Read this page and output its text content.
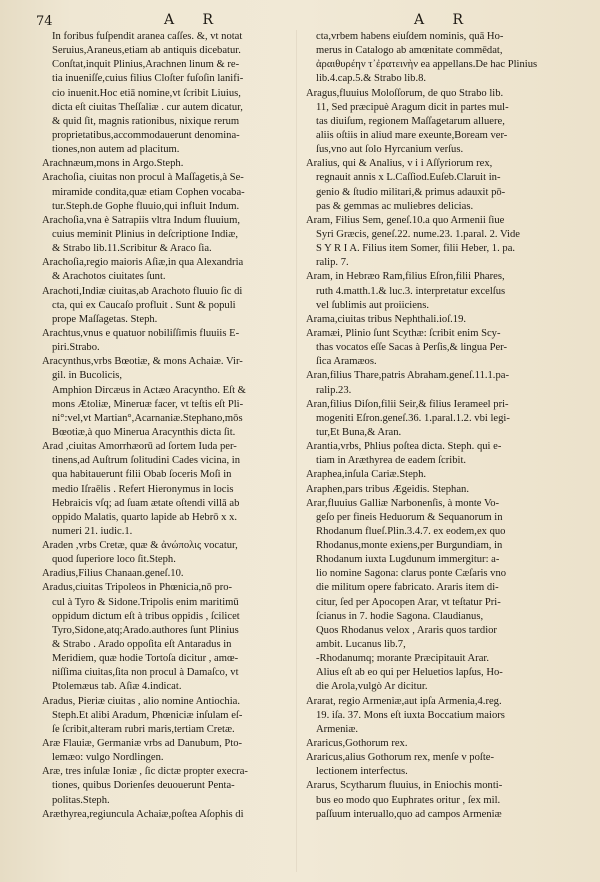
74	A R	A R
In foribus fuſpendit aranea caſſes. &, vt notat
Seruius,Araneus,etiam ab antiquis dicebatur.
Conſtat,inquit Plinius,Arachnen linum & re-
tia inueniſſe,cuius filius Cloſter fuſoſin lanifi-
cio inuenit.Hoc etiā nomine,vt ſcribit Liuius,
dicta eſt ciuitas Theſſaliæ . cur autem dicatur,
& quid ſit, magnis rationibus, nixique rerum
proprietatibus,accommodauerunt denomina-
tiones,non autem ad placitum.
Arachnæum,mons in Argo.Steph.
Arachoſia, ciuitas non procul à Maſſagetis,à Se-
miramide condita,quæ etiam Cophen vocaba-
tur.Steph.de Gophe fluuio,qui influit Indum.
Arachoſia,vna è Satrapiis vltra Indum fluuium,
cuius meminit Plinius in deſcriptione Indiæ,
& Strabo lib.11.Scribitur & Araco ſia.
Arachoſia,regio maioris Aſiæ,in qua Alexandria
& Arachotos ciuitates ſunt.
Arachoti,Indiæ ciuitas,ab Arachoto fluuio ſic di
cta, qui ex Caucaſo profluit . Sunt & populi
prope Maſſagetas. Steph.
Arachtus,vnus e quatuor nobiliſſimis fluuiis E-
piri.Strabo.
Aracynthus,vrbs Bœotiæ, & mons Achaiæ. Vir-
gil. in Bucolicis,
Amphion Dircæus in Actæo Aracyntho. Eſt &
mons Ætoliæ, Mineruæ facer, vt teſtis eſt Pli-
ni°:vel,vt Martian°,Acarnaniæ.Stephano,mōs
Bœotiæ,à quo Minerua Aracynthis dicta ſit.
Arad ,ciuitas Amorrhæorū ad ſortem Iuda per-
tinens,ad Auſtrum ſolitudini Cades vicina, in
qua habitauerunt filii Obab ſoceris Moſi in
medio Iſraēlis . Refert Hieronymus in locis
Hebraicis vſq; ad ſuam ætate oſtendi villā ab
oppido Malatis, quarto lapide ab Hebrō x x.
numeri 21. iudic.1.
Araden ,vrbs Cretæ, quæ & ἀνώπολις vocatur,
quod ſuperiore loco ſit.Steph.
Aradius,Filius Chanaan.geneſ.10.
Aradus,ciuitas Tripoleos in Phœnicia,nō pro-
cul à Tyro & Sidone.Tripolis enim maritimū
oppidum dictum eſt à tribus oppidis , ſcilicet
Tyro,Sidone,atq;Arado.authores ſunt Plinius
& Strabo . Arado oppoſita eſt Antaradus in
Meridiem, quæ hodie Tortoſa dicitur , amœ-
niſſima ciuitas,ſita non procul à Damaſco, vt
Ptolemæus tab. Aſiæ 4.indicat.
Aradus, Pieriæ ciuitas , alio nomine Antiochia.
Steph.Et alibi Aradum, Phœniciæ inſulam eſ-
ſe ſcribit,alteram rubri maris,tertiam Cretæ.
Aræ Flauiæ, Germaniæ vrbs ad Danubum, Pto-
lemæo: vulgo Nordlingen.
Aræ, tres inſulæ Ioniæ , ſic dictæ propter execra-
tiones, quibus Dorienſes deuouerunt Penta-
politas.Steph.
Aræthyrea,regiuncula Achaiæ,poſtea Aſophis di
cta,vrbem habens eiuſdem nominis, quā Ho-
merus in Catalogo ab amœnitate commēdat,
ἀραιθυρέην τ᾽ἐρατεινὴν ea appellans.De hac Plinius
lib.4.cap.5.& Strabo lib.8.
Aragus,fluuius Moloſſorum, de quo Strabo lib.
11, Sed præcipuè Aragum dicit in partes mul-
tas diuiſum, regionem Maſſagetarum alluere,
aliis oſtiis in aliud mare exeunte,Boream ver-
ſus,vno aut ſolo Hyrcanium verſus.
Aralius, qui & Analius, v i i Aſſyriorum rex,
regnauit annis x L.Caſſiod.Euſeb.Claruit in-
genio & ſtudio militari,& primus adauxit pō-
pas & gemmas ac muliebres delicias.
Aram, Filius Sem, geneſ.10.a quo Armenii ſiue
Syri Græcis, geneſ.22. nume.23. 1.paral. 2. Vide
S Y R I A. Filius item Somer, filii Heber, 1. pa.
ralip. 7.
Aram, in Hebræo Ram,filius Eſron,filii Phares,
ruth 4.matth.1.& luc.3. interpretatur excelſus
vel ſublimis aut proiiciens.
Arama,ciuitas tribus Nephthali.ioſ.19.
Aramæi, Plinio ſunt Scythæ: ſcribit enim Scy-
thas vocatos eſſe Sacas à Perſis,& lingua Per-
ſica Aramæos.
Aran,filius Thare,patris Abraham.geneſ.11.1.pa-
ralip.23.
Aran,filius Diſon,filii Seir,& filius Ierameel pri-
mogeniti Eſron.geneſ.36. 1.paral.1.2. vbi legi-
tur,Et Buna,& Aran.
Arantia,vrbs, Phlius poſtea dicta. Steph. qui e-
tiam in Aræthyrea de eadem ſcribit.
Araphea,inſula Cariæ.Steph.
Araphen,pars tribus Ægeidis. Stephan.
Arar,fluuius Galliæ Narbonenſis, à monte Vo-
geſo per fineis Heduorum & Sequanorum in
Rhodanum flueſ.Plin.3.4.7. ex eodem,ex quo
Rhodanus,monte exiens,per Burgundiam, in
Rhodanum iuxta Lugdunum immergitur: a-
lio nomine Sagona: clarus ponte Cæſaris vno
die militum opere fabricato. Araris item di-
citur, ſed per Apocopen Arar, vt teſtatur Pri-
ſcianus in 7. hodie Sagona. Claudianus,
Quos Rhodanus velox , Araris quos tardior
ambit. Lucanus lib.7,
-Rhodanumq; morante Præcipitauit Arar.
Alius eſt ab eo qui per Heluetios lapſus, Ho-
die Arola,vulgò Ar dicitur.
Ararat, regio Armeniæ,aut ipſa Armenia,4.reg.
19. iſa. 37. Mons eſt iuxta Boccatium maiors
Armeniæ.
Araricus,Gothorum rex.
Araricus,alius Gothorum rex, menſe v poſte-
lectionem interfectus.
Ararus, Scytharum fluuius, in Eniochis monti-
bus eo modo quo Euphrates oritur , ſex mil.
paſſuum interuallo,quo ad campos Armeniæ
